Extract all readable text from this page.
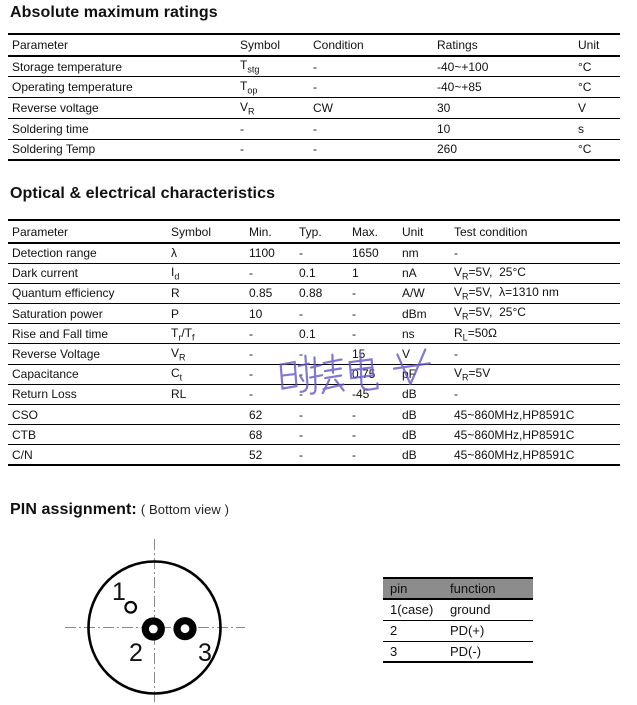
Absolute maximum ratings
Parameter	Symbol	Condition	Ratings	Unit
Storage temperature	$T_{stg}$	-	-40~+100	°C
Operating temperature	$T_{op}$	-	-40~+85	°C
Reverse voltage	$V_R$	CW	30	V
Soldering time	-	-	10	s
Soldering Temp	-	-	260	°C
Optical & electrical characteristics
Parameter	Symbol	Min.	Typ.	Max.	Unit	Test condition
Detection range	λ	1100	-	1650	nm	-
Dark current	$I_d$	-	0.1	1	nA	$V_R=5V$,  25°C
Quantum efficiency	R	0.85	0.88	-	A/W	$V_R=5V$,  λ=1310 nm
Saturation power	P	10	-	-	dBm	$V_R=5V$,  25°C
Rise and Fall time	$T_r/T_f$	-	0.1	-	ns	$R_L=50\Omega$
Reverse Voltage	$V_R$	-	-	15	V	-
Capacitance	$C_t$	-	-	0.75	pF	$V_R=5V$
Return Loss	RL	-	-	-45	dB	-
CSO		62	-	-	dB	45~860MHz,HP8591C
CTB		68	-	-	dB	45~860MHz,HP8591C
C/N		52	-	-	dB	45~860MHz,HP8591C
PIN assignment: ( Bottom view )
1
2 3
pin	function
1(case)	ground
2	PD(+)
3	PD(-)
